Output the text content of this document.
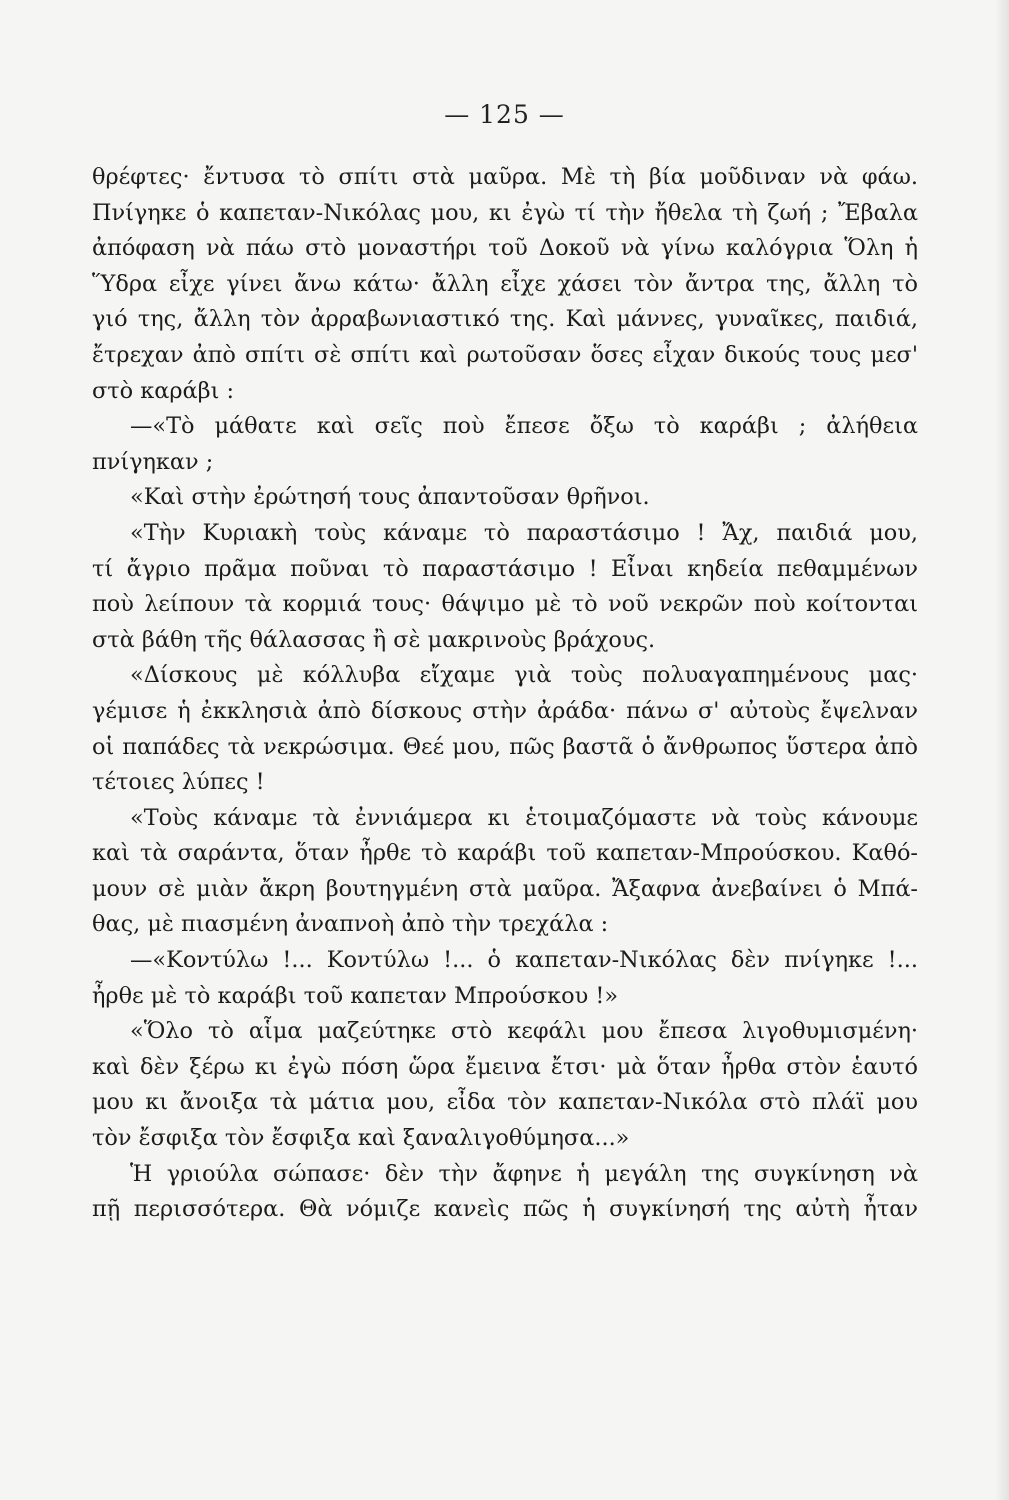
— 125 —
θρέφτες· ἔντυσα τὸ σπίτι στὰ μαῦρα. Μὲ τὴ βία μοῦδιναν νὰ φάω.
Πνίγηκε ὁ καπεταν-Νικόλας μου, κι ἐγὼ τί τὴν ἤθελα τὴ ζωή ; Ἔβαλα
ἀπόφαση νὰ πάω στὸ μοναστήρι τοῦ Δοκοῦ νὰ γίνω καλόγρια Ὅλη ἡ
Ὕδρα εἶχε γίνει ἄνω κάτω· ἄλλη εἶχε χάσει τὸν ἄντρα της, ἄλλη τὸ
γιό της, ἄλλη τὸν ἀρραβωνιαστικό της. Καὶ μάννες, γυναῖκες, παιδιά,
ἔτρεχαν ἀπὸ σπίτι σὲ σπίτι καὶ ρωτοῦσαν ὅσες εἶχαν δικούς τους μεσ'
στὸ καράβι :
—«Τὸ μάθατε καὶ σεῖς ποὺ ἔπεσε ὄξω τὸ καράβι ; ἀλήθεια
πνίγηκαν ;
«Καὶ στὴν ἐρώτησή τους ἀπαντοῦσαν θρῆνοι.
«Τὴν Κυριακὴ τοὺς κάναμε τὸ παραστάσιμο ! Ἄχ, παιδιά μου,
τί ἄγριο πρᾶμα ποῦναι τὸ παραστάσιμο ! Εἶναι κηδεία πεθαμμένων
ποὺ λείπουν τὰ κορμιά τους· θάψιμο μὲ τὸ νοῦ νεκρῶν ποὺ κοίτονται
στὰ βάθη τῆς θάλασσας ἢ σὲ μακρινοὺς βράχους.
«Δίσκους μὲ κόλλυβα εἴχαμε γιὰ τοὺς πολυαγαπημένους μας·
γέμισε ἡ ἐκκλησιὰ ἀπὸ δίσκους στὴν ἀράδα· πάνω σ' αὐτοὺς ἔψελναν
οἱ παπάδες τὰ νεκρώσιμα. Θεέ μου, πῶς βαστᾶ ὁ ἄνθρωπος ὕστερα ἀπὸ
τέτοιες λύπες !
«Τοὺς κάναμε τὰ ἐννιάμερα κι ἑτοιμαζόμαστε νὰ τοὺς κάνουμε
καὶ τὰ σαράντα, ὅταν ἦρθε τὸ καράβι τοῦ καπεταν-Μπρούσκου. Καθό-
μουν σὲ μιὰν ἄκρη βουτηγμένη στὰ μαῦρα. Ἄξαφνα ἀνεβαίνει ὁ Μπά-
θας, μὲ πιασμένη ἀναπνοὴ ἀπὸ τὴν τρεχάλα :
—«Κοντύλω !... Κοντύλω !... ὁ καπεταν-Νικόλας δὲν πνίγηκε !...
ἦρθε μὲ τὸ καράβι τοῦ καπεταν Μπρούσκου !»
«Ὅλο τὸ αἷμα μαζεύτηκε στὸ κεφάλι μου ἔπεσα λιγοθυμισμένη·
καὶ δὲν ξέρω κι ἐγὼ πόση ὥρα ἔμεινα ἔτσι· μὰ ὅταν ἦρθα στὸν ἑαυτό
μου κι ἄνοιξα τὰ μάτια μου, εἶδα τὸν καπεταν-Νικόλα στὸ πλάϊ μου
τὸν ἔσφιξα τὸν ἔσφιξα καὶ ξαναλιγοθύμησα...»
Ἡ γριούλα σώπασε· δὲν τὴν ἄφηνε ἡ μεγάλη της συγκίνηση νὰ
πῇ περισσότερα. Θὰ νόμιζε κανεὶς πῶς ἡ συγκίνησή της αὐτὴ ἦταν
